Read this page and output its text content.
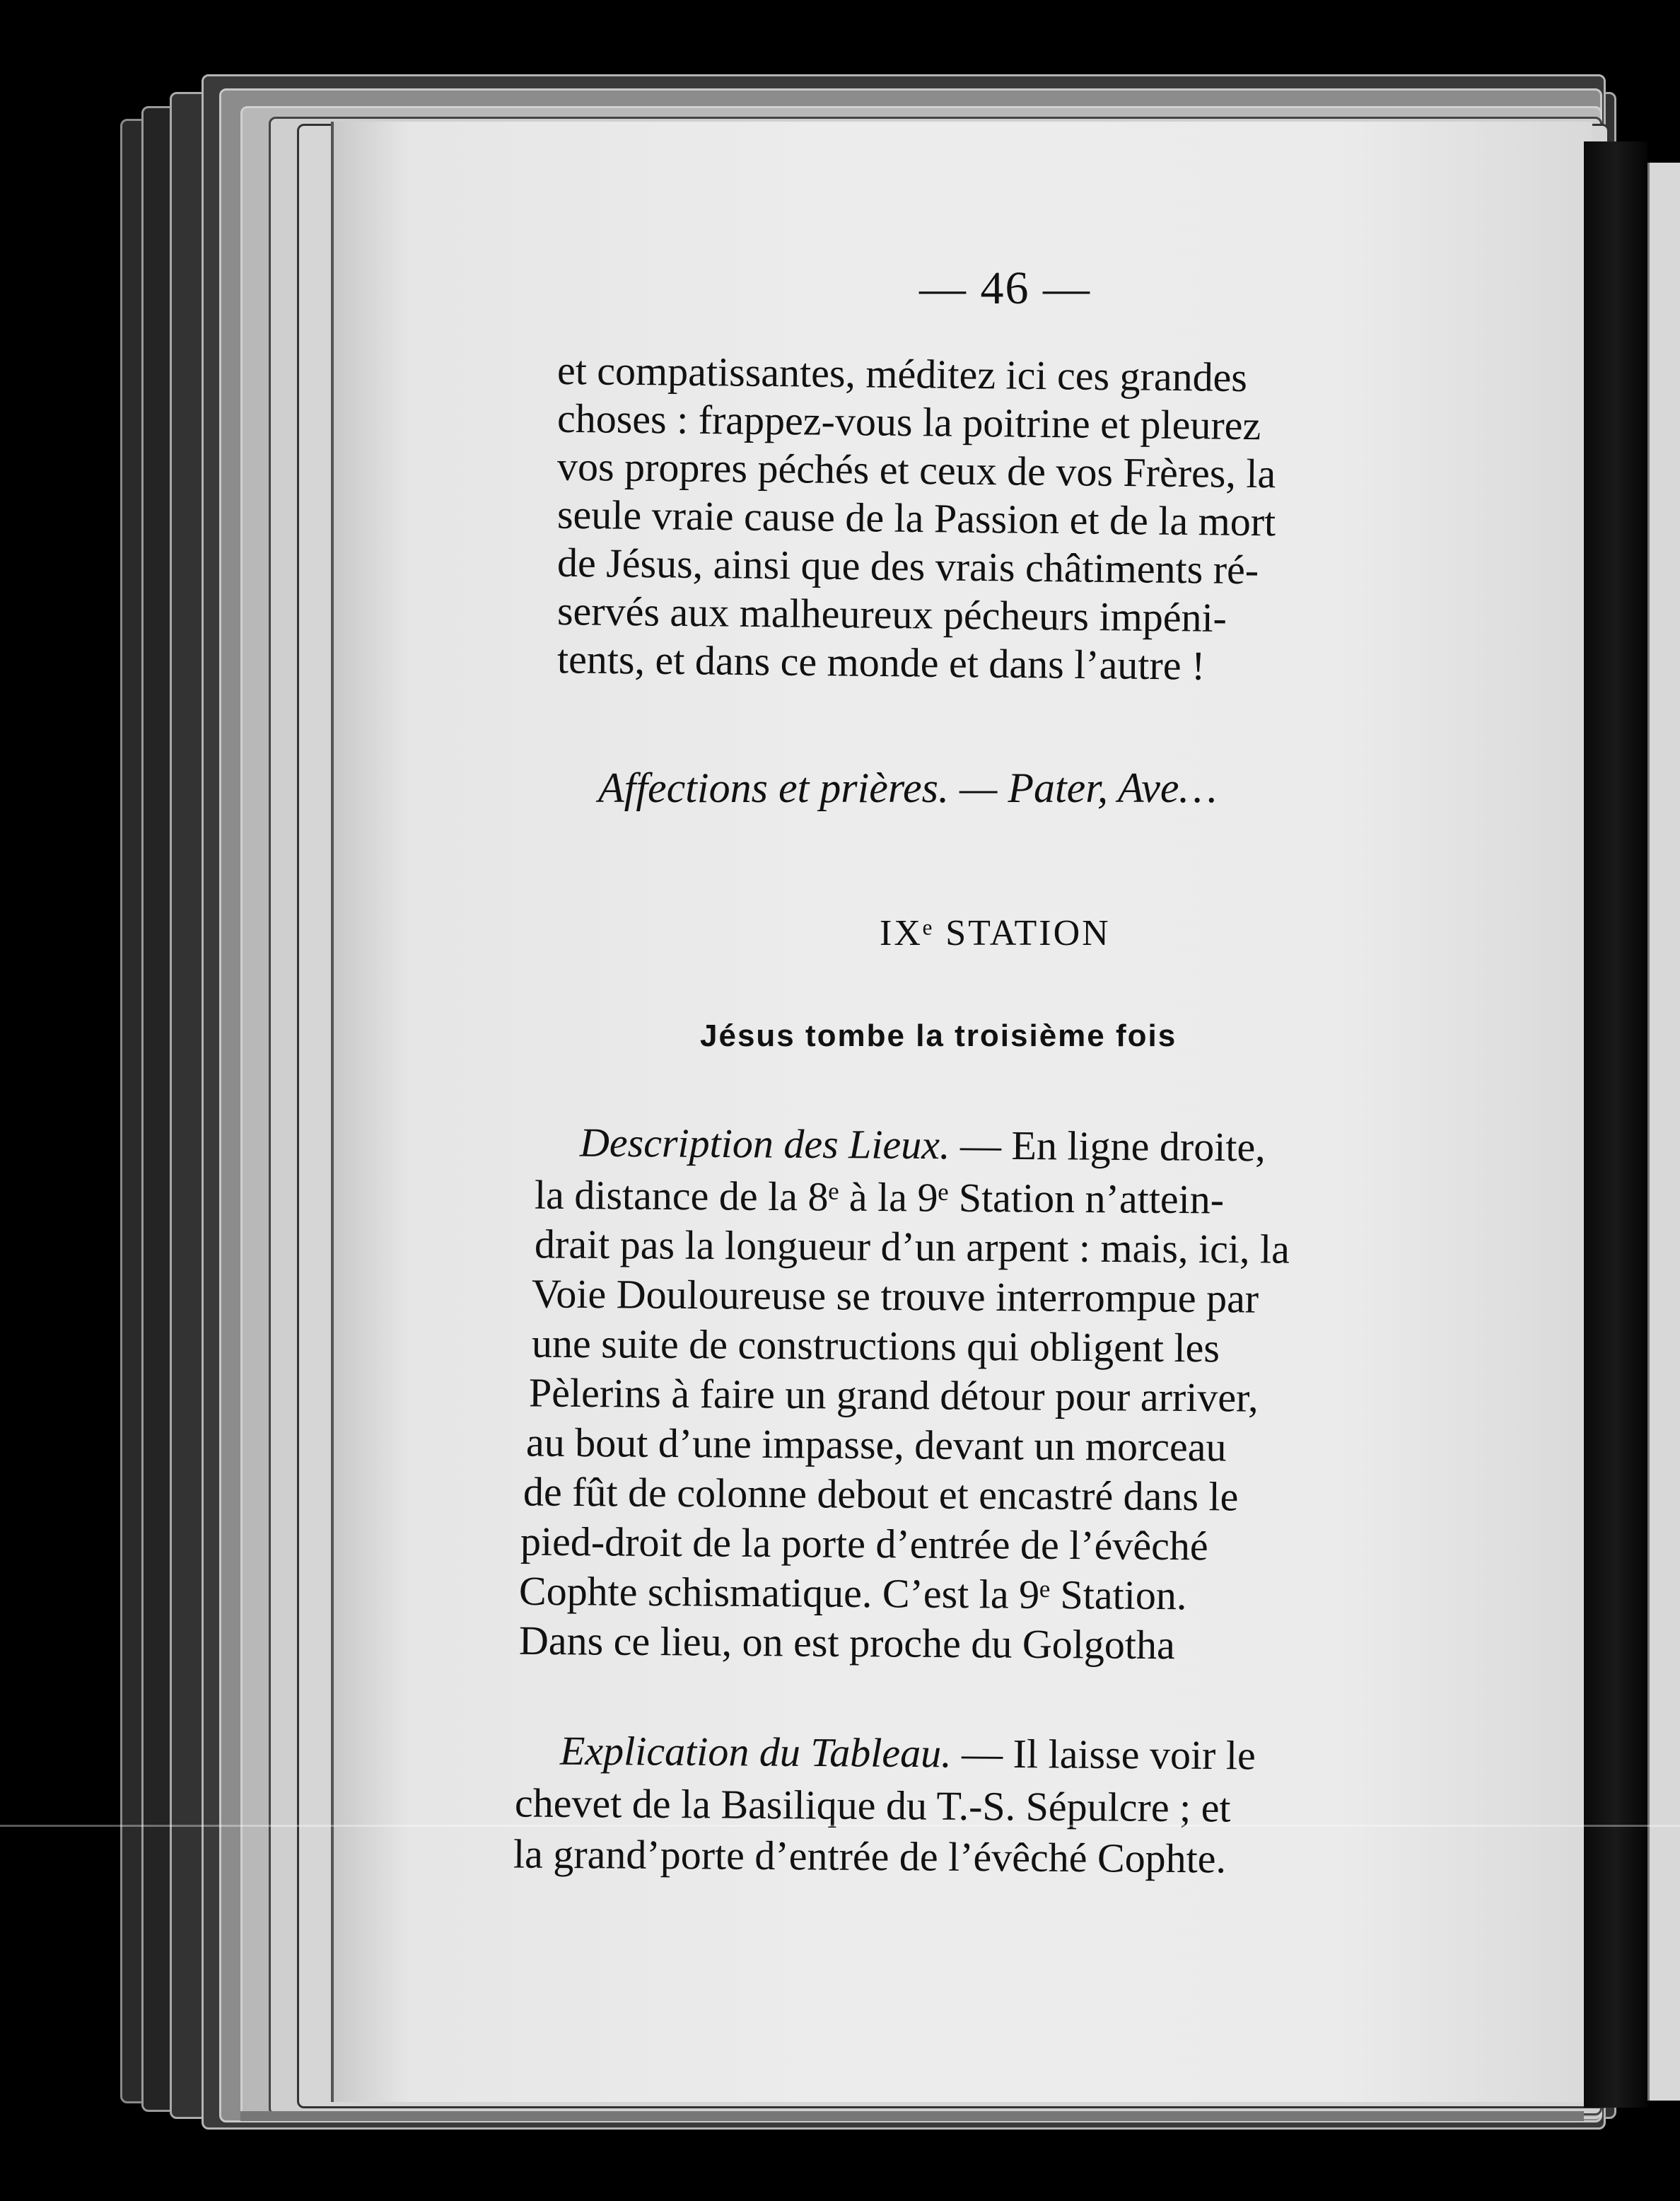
— 46 —
et compatissantes, méditez ici ces grandes
choses : frappez-vous la poitrine et pleurez
vos propres péchés et ceux de vos Frères, la
seule vraie cause de la Passion et de la mort
de Jésus, ainsi que des vrais châtiments ré-
servés aux malheureux pécheurs impéni-
tents, et dans ce monde et dans l’autre !
Affections et prières. — Pater, Ave…
IXᵉ STATION
Jésus tombe la troisième fois
Description des Lieux. — En ligne droite,
la distance de la 8ᵉ à la 9ᵉ Station n’attein-
drait pas la longueur d’un arpent : mais, ici, la
Voie Douloureuse se trouve interrompue par
une suite de constructions qui obligent les
Pèlerins à faire un grand détour pour arriver,
au bout d’une impasse, devant un morceau
de fût de colonne debout et encastré dans le
pied-droit de la porte d’entrée de l’évêché
Cophte schismatique. C’est la 9ᵉ Station.
Dans ce lieu, on est proche du Golgotha
Explication du Tableau. — Il laisse voir le
chevet de la Basilique du T.-S. Sépulcre ; et
la grand’porte d’entrée de l’évêché Cophte.
